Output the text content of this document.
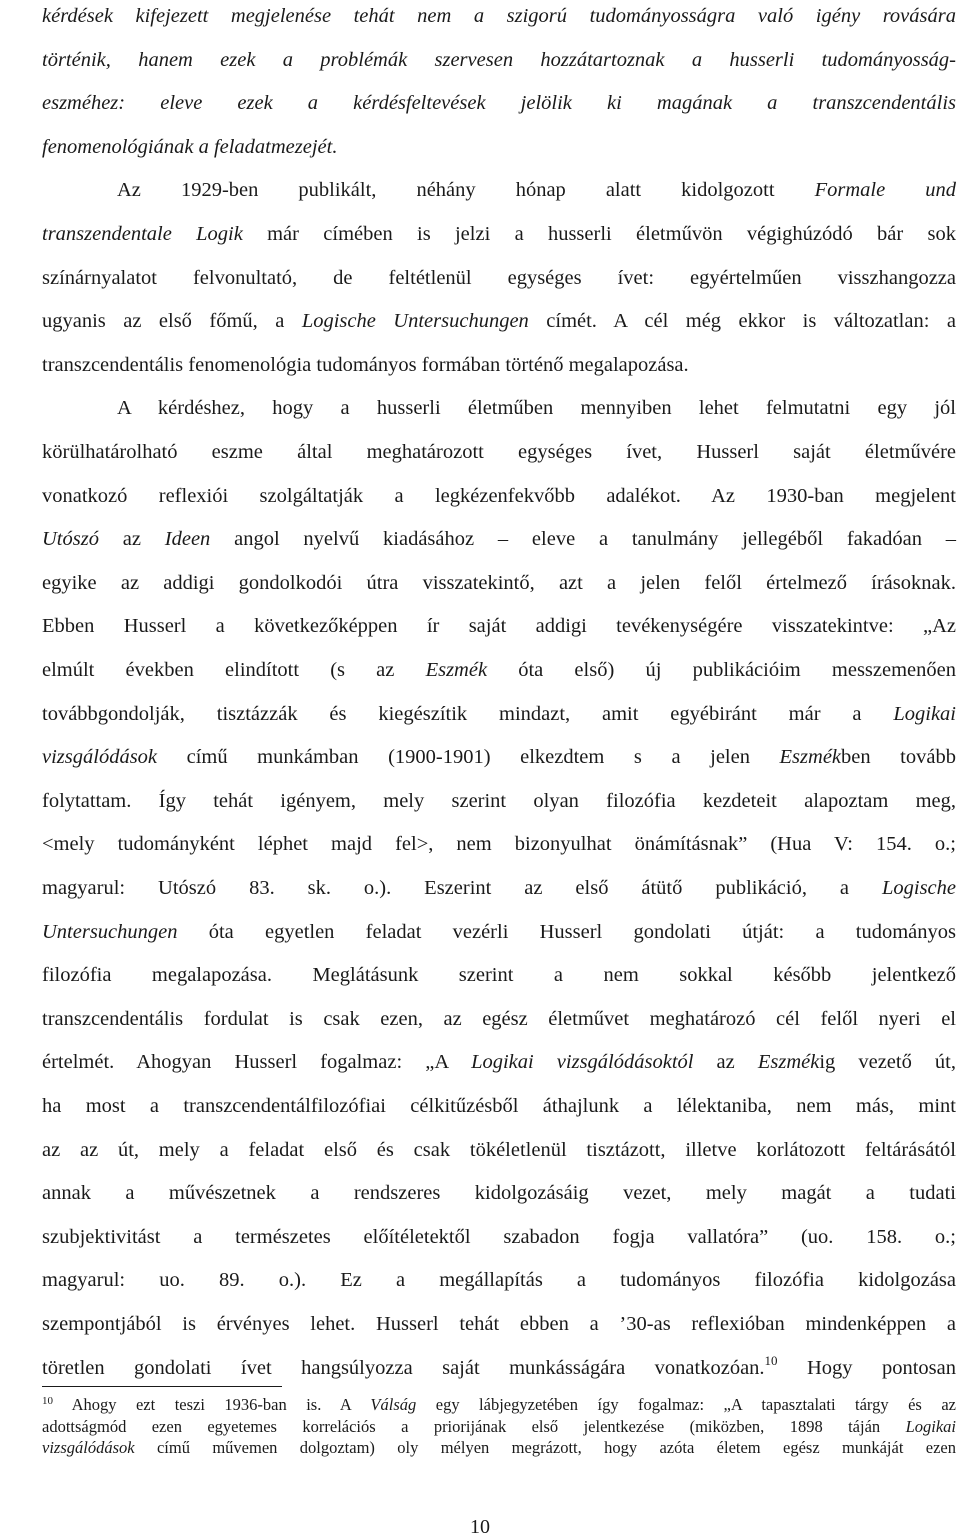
kérdések kifejezett megjelenése tehát nem a szigorú tudományosságra való igény rovására
történik, hanem ezek a problémák szervesen hozzátartoznak a husserli tudományosság-
eszméhez: eleve ezek a kérdésfeltevések jelölik ki magának a transzcendentális
fenomenológiának a feladatmezejét.
Az 1929-ben publikált, néhány hónap alatt kidolgozott Formale und
transzendentale Logik már címében is jelzi a husserli életművön végighúzódó bár sok
színárnyalatot felvonultató, de feltétlenül egységes ívet: egyértelműen visszhangozza
ugyanis az első főmű, a Logische Untersuchungen címét. A cél még ekkor is változatlan: a
transzcendentális fenomenológia tudományos formában történő megalapozása.
A kérdéshez, hogy a husserli életműben mennyiben lehet felmutatni egy jól
körülhatárolható eszme által meghatározott egységes ívet, Husserl saját életművére
vonatkozó reflexiói szolgáltatják a legkézenfekvőbb adalékot. Az 1930-ban megjelent
Utószó az Ideen angol nyelvű kiadásához – eleve a tanulmány jellegéből fakadóan –
egyike az addigi gondolkodói útra visszatekintő, azt a jelen felől értelmező írásoknak.
Ebben Husserl a következőképpen ír saját addigi tevékenységére visszatekintve: „Az
elmúlt években elindított (s az Eszmék óta első) új publikációim messzemenően
továbbgondolják, tisztázzák és kiegészítik mindazt, amit egyébiránt már a Logikai
vizsgálódások című munkámban (1900-1901) elkezdtem s a jelen Eszmékben tovább
folytattam. Így tehát igényem, mely szerint olyan filozófia kezdeteit alapoztam meg,
<mely tudományként léphet majd fel>, nem bizonyulhat önámításnak” (Hua V: 154. o.;
magyarul: Utószó 83. sk. o.). Eszerint az első átütő publikáció, a Logische
Untersuchungen óta egyetlen feladat vezérli Husserl gondolati útját: a tudományos
filozófia megalapozása. Meglátásunk szerint a nem sokkal később jelentkező
transzcendentális fordulat is csak ezen, az egész életművet meghatározó cél felől nyeri el
értelmét. Ahogyan Husserl fogalmaz: „A Logikai vizsgálódásoktól az Eszmékig vezető út,
ha most a transzcendentálfilozófiai célkitűzésből áthajlunk a lélektaniba, nem más, mint
az az út, mely a feladat első és csak tökéletlenül tisztázott, illetve korlátozott feltárásától
annak a művészetnek a rendszeres kidolgozásáig vezet, mely magát a tudati
szubjektivitást a természetes előítéletektől szabadon fogja vallatóra” (uo. 158. o.;
magyarul: uo. 89. o.). Ez a megállapítás a tudományos filozófia kidolgozása
szempontjából is érvényes lehet. Husserl tehát ebben a ’30-as reflexióban mindenképpen a
töretlen gondolati ívet hangsúlyozza saját munkásságára vonatkozóan.$^{10}$ Hogy pontosan
$^{10}$ Ahogy ezt teszi 1936-ban is. A Válság egy lábjegyzetében így fogalmaz: „A tapasztalati tárgy és az
adottságmód ezen egyetemes korrelációs a priorijának első jelentkezése (miközben, 1898 táján Logikai
vizsgálódások című művemen dolgoztam) oly mélyen megrázott, hogy azóta életem egész munkáját ezen
10
